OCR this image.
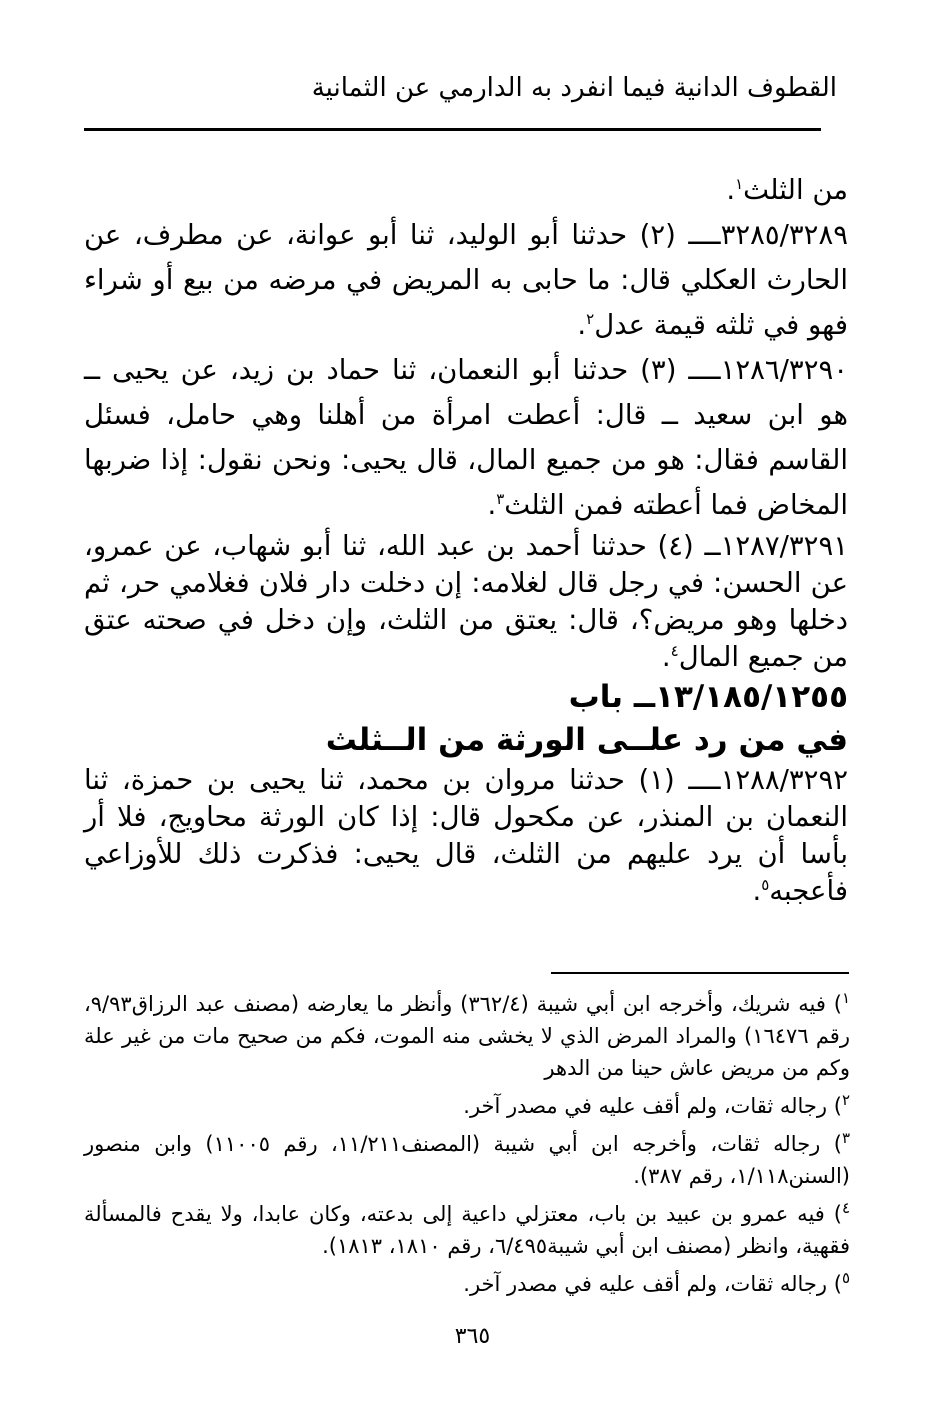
القطوف الدانية فيما انفرد به الدارمي عن الثمانية

من الثلث$^١$.

٣٢٨٥/٣٢٨٩ــــ (٢) حدثنا أبو الوليد، ثنا أبو عوانة، عن مطرف، عن الحارث العكلي قال: ما حابى به المريض في مرضه من بيع أو شراء فهو في ثلثه قيمة عدل$^٢$.

١٢٨٦/٣٢٩٠ــــ (٣) حدثنا أبو النعمان، ثنا حماد بن زيد، عن يحيى ــ هو ابن سعيد ــ قال: أعطت امرأة من أهلنا وهي حامل، فسئل القاسم فقال: هو من جميع المال، قال يحيى: ونحن نقول: إذا ضربها المخاض فما أعطته فمن الثلث$^٣$.

١٢٨٧/٣٢٩١ــ (٤) حدثنا أحمد بن عبد الله، ثنا أبو شهاب، عن عمرو، عن الحسن: في رجل قال لغلامه: إن دخلت دار فلان فغلامي حر، ثم دخلها وهو مريض؟، قال: يعتق من الثلث، وإن دخل في صحته عتق من جميع المال$^٤$.

١٣/١٨٥/١٢٥٥ــ باب

في من رد علــى الورثة من الــثلث

١٢٨٨/٣٢٩٢ــــ (١) حدثنا مروان بن محمد، ثنا يحيى بن حمزة، ثنا النعمان بن المنذر، عن مكحول قال: إذا كان الورثة محاويج، فلا أر بأسا أن يرد عليهم من الثلث، قال يحيى: فذكرت ذلك للأوزاعي فأعجبه$^٥$.

$^١$) فيه شريك، وأخرجه ابن أبي شيبة (٣٦٢/٤) وأنظر ما يعارضه (مصنف عبد الرزاق٩/٩٣، رقم ١٦٤٧٦) والمراد المرض الذي لا يخشى منه الموت، فكم من صحيح مات من غير علة وكم من مريض عاش حينا من الدهر

$^٢$) رجاله ثقات، ولم أقف عليه في مصدر آخر.

$^٣$) رجاله ثقات، وأخرجه ابن أبي شيبة (المصنف١١/٢١١، رقم ١١٠٠٥) وابن منصور (السنن١/١١٨، رقم ٣٨٧).

$^٤$) فيه عمرو بن عبيد بن باب، معتزلي داعية إلى بدعته، وكان عابدا، ولا يقدح فالمسألة فقهية، وانظر (مصنف ابن أبي شيبة٦/٤٩٥، رقم ١٨١٠، ١٨١٣).

$^٥$) رجاله ثقات، ولم أقف عليه في مصدر آخر.

٣٦٥
